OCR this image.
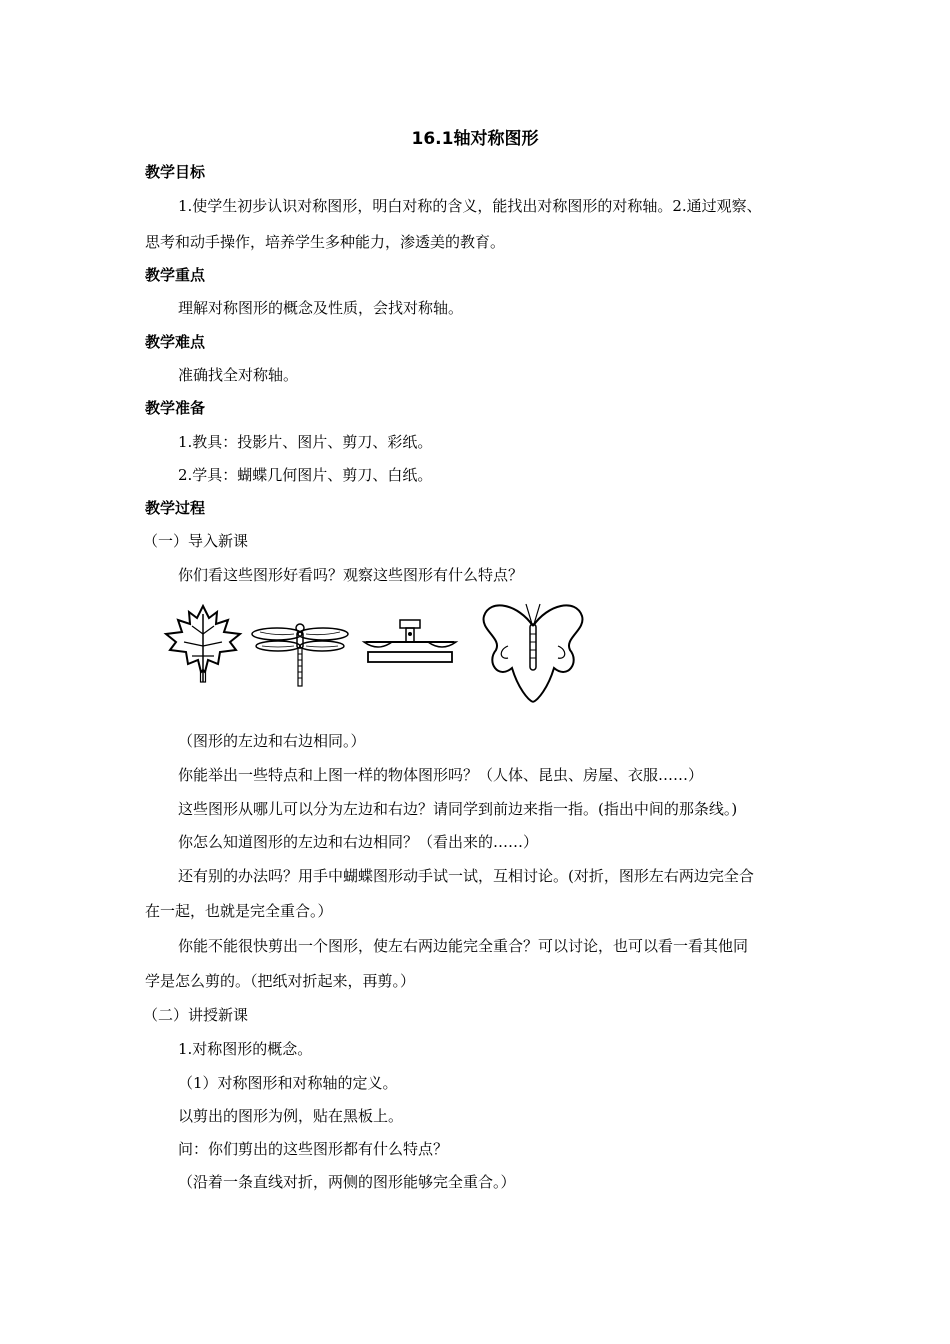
16.1轴对称图形
教学目标
1.使学生初步认识对称图形，明白对称的含义，能找出对称图形的对称轴。2.通过观察、
思考和动手操作，培养学生多种能力，渗透美的教育。
教学重点
理解对称图形的概念及性质，会找对称轴。
教学难点
准确找全对称轴。
教学准备
1.教具：投影片、图片、剪刀、彩纸。
2.学具：蝴蝶几何图片、剪刀、白纸。
教学过程
（一）导入新课
你们看这些图形好看吗？观察这些图形有什么特点？
（图形的左边和右边相同。）
你能举出一些特点和上图一样的物体图形吗？（人体、昆虫、房屋、衣服……）
这些图形从哪儿可以分为左边和右边？请同学到前边来指一指。(指出中间的那条线。)
你怎么知道图形的左边和右边相同？（看出来的……）
还有别的办法吗？用手中蝴蝶图形动手试一试，互相讨论。(对折，图形左右两边完全合
在一起，也就是完全重合。）
你能不能很快剪出一个图形，使左右两边能完全重合？可以讨论，也可以看一看其他同
学是怎么剪的。（把纸对折起来，再剪。）
（二）讲授新课
1.对称图形的概念。
（1）对称图形和对称轴的定义。
以剪出的图形为例，贴在黑板上。
问：你们剪出的这些图形都有什么特点？
（沿着一条直线对折，两侧的图形能够完全重合。）
